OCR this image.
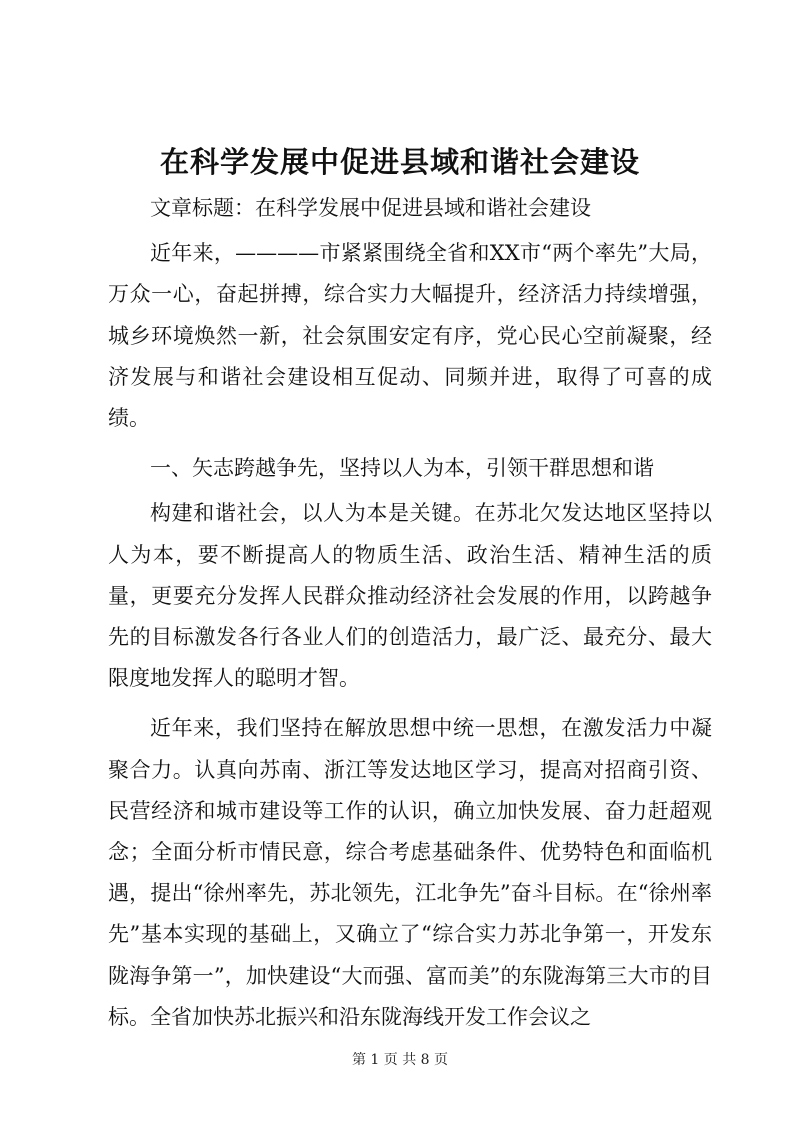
在科学发展中促进县域和谐社会建设

文章标题：在科学发展中促进县域和谐社会建设

近年来，————市紧紧围绕全省和XX市“两个率先”大局，万众一心，奋起拼搏，综合实力大幅提升，经济活力持续增强，城乡环境焕然一新，社会氛围安定有序，党心民心空前凝聚，经济发展与和谐社会建设相互促动、同频并进，取得了可喜的成绩。

一、矢志跨越争先，坚持以人为本，引领干群思想和谐

构建和谐社会，以人为本是关键。在苏北欠发达地区坚持以人为本，要不断提高人的物质生活、政治生活、精神生活的质量，更要充分发挥人民群众推动经济社会发展的作用，以跨越争先的目标激发各行各业人们的创造活力，最广泛、最充分、最大限度地发挥人的聪明才智。

近年来，我们坚持在解放思想中统一思想，在激发活力中凝聚合力。认真向苏南、浙江等发达地区学习，提高对招商引资、民营经济和城市建设等工作的认识，确立加快发展、奋力赶超观念；全面分析市情民意，综合考虑基础条件、优势特色和面临机遇，提出“徐州率先，苏北领先，江北争先”奋斗目标。在“徐州率先”基本实现的基础上，又确立了“综合实力苏北争第一，开发东陇海争第一”，加快建设“大而强、富而美”的东陇海第三大市的目标。全省加快苏北振兴和沿东陇海线开发工作会议之

第 1 页 共 8 页
